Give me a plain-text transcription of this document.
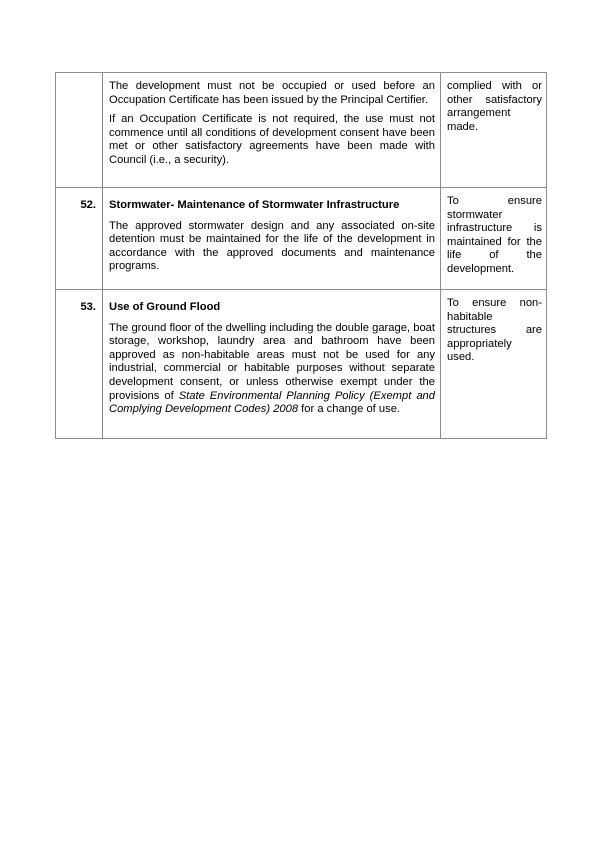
	The development must not be occupied or used before an Occupation Certificate has been issued by the Principal Certifier.

If an Occupation Certificate is not required, the use must not commence until all conditions of development consent have been met or other satisfactory agreements have been made with Council (i.e., a security).	complied with or other satisfactory arrangement made.

52.	Stormwater- Maintenance of Stormwater Infrastructure

The approved stormwater design and any associated on-site detention must be maintained for the life of the development in accordance with the approved documents and maintenance programs.	To ensure stormwater infrastructure is maintained for the life of the development.

53.	Use of Ground Flood

The ground floor of the dwelling including the double garage, boat storage, workshop, laundry area and bathroom have been approved as non-habitable areas must not be used for any industrial, commercial or habitable purposes without separate development consent, or unless otherwise exempt under the provisions of State Environmental Planning Policy (Exempt and Complying Development Codes) 2008 for a change of use.	To ensure non-habitable structures are appropriately used.
